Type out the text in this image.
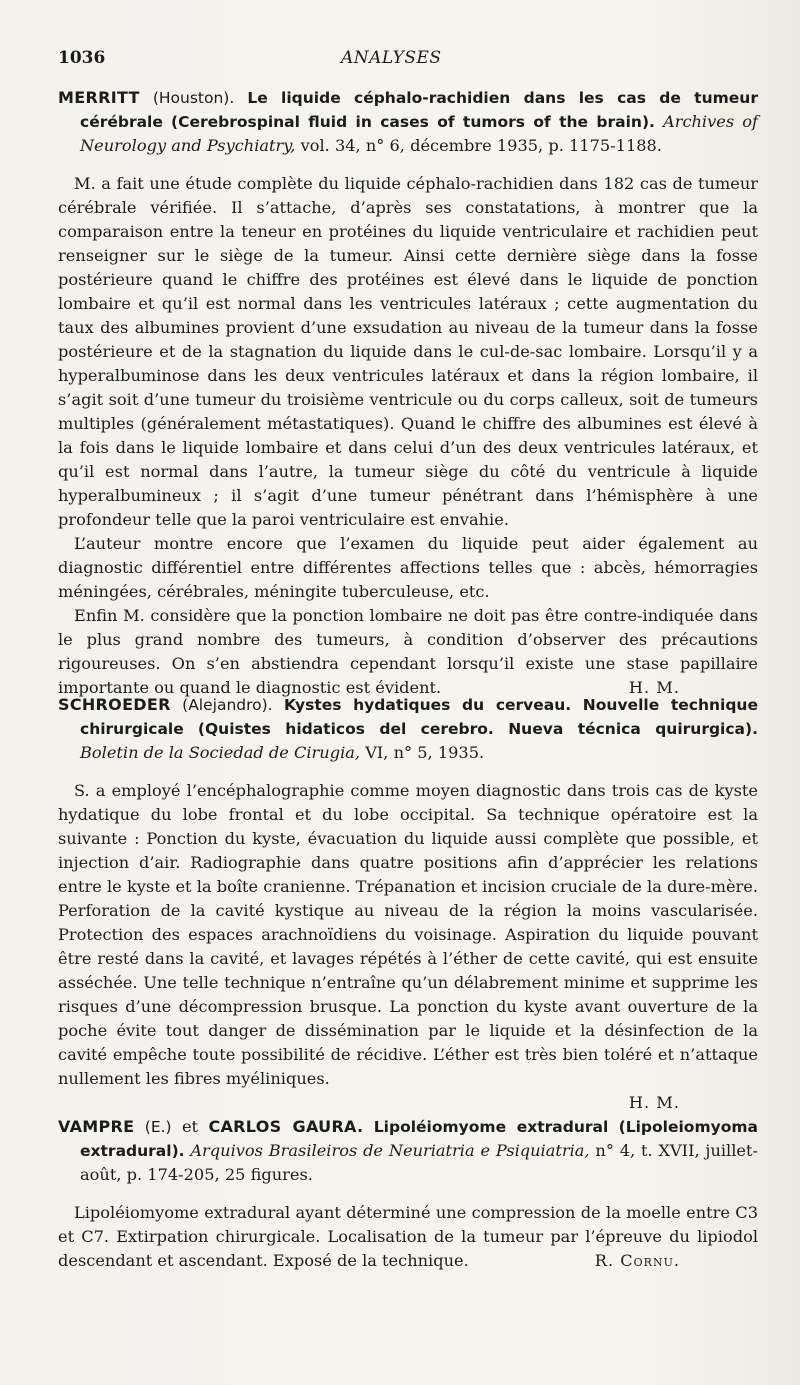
1036	ANALYSES
MERRITT (Houston). Le liquide céphalo-rachidien dans les cas de tumeur cérébrale (Cerebrospinal fluid in cases of tumors of the brain). Archives of Neurology and Psychiatry, vol. 34, n° 6, décembre 1935, p. 1175-1188.

M. a fait une étude complète du liquide céphalo-rachidien dans 182 cas de tumeur cérébrale vérifiée. Il s’attache, d’après ses constatations, à montrer que la comparaison entre la teneur en protéines du liquide ventriculaire et rachidien peut renseigner sur le siège de la tumeur. Ainsi cette dernière siège dans la fosse postérieure quand le chiffre des protéines est élevé dans le liquide de ponction lombaire et qu’il est normal dans les ventricules latéraux ; cette augmentation du taux des albumines provient d’une exsudation au niveau de la tumeur dans la fosse postérieure et de la stagnation du liquide dans le cul-de-sac lombaire. Lorsqu’il y a hyperalbuminose dans les deux ventricules latéraux et dans la région lombaire, il s’agit soit d’une tumeur du troisième ventricule ou du corps calleux, soit de tumeurs multiples (généralement métastatiques). Quand le chiffre des albumines est élevé à la fois dans le liquide lombaire et dans celui d’un des deux ventricules latéraux, et qu’il est normal dans l’autre, la tumeur siège du côté du ventricule à liquide hyperalbumineux ; il s’agit d’une tumeur pénétrant dans l’hémisphère à une profondeur telle que la paroi ventriculaire est envahie.

L’auteur montre encore que l’examen du liquide peut aider également au diagnostic différentiel entre différentes affections telles que : abcès, hémorragies méningées, cérébrales, méningite tuberculeuse, etc.

Enfin M. considère que la ponction lombaire ne doit pas être contre-indiquée dans le plus grand nombre des tumeurs, à condition d’observer des précautions rigoureuses. On s’en abstiendra cependant lorsqu’il existe une stase papillaire importante ou quand le diagnostic est évident.	H. M.

SCHROEDER (Alejandro). Kystes hydatiques du cerveau. Nouvelle technique chirurgicale (Quistes hidaticos del cerebro. Nueva técnica quirurgica). Boletin de la Sociedad de Cirugia, VI, n° 5, 1935.

S. a employé l’encéphalographie comme moyen diagnostic dans trois cas de kyste hydatique du lobe frontal et du lobe occipital. Sa technique opératoire est la suivante : Ponction du kyste, évacuation du liquide aussi complète que possible, et injection d’air. Radiographie dans quatre positions afin d’apprécier les relations entre le kyste et la boîte cranienne. Trépanation et incision cruciale de la dure-mère. Perforation de la cavité kystique au niveau de la région la moins vascularisée. Protection des espaces arachnoïdiens du voisinage. Aspiration du liquide pouvant être resté dans la cavité, et lavages répétés à l’éther de cette cavité, qui est ensuite asséchée. Une telle technique n’entraîne qu’un délabrement minime et supprime les risques d’une décompression brusque. La ponction du kyste avant ouverture de la poche évite tout danger de dissémination par le liquide et la désinfection de la cavité empêche toute possibilité de récidive. L’éther est très bien toléré et n’attaque nullement les fibres myéliniques.

H. M.
VAMPRE (E.) et CARLOS GAURA. Lipoléiomyome extradural (Lipoleiomyoma extradural). Arquivos Brasileiros de Neuriatria e Psiquiatria, n° 4, t. XVII, juillet-août, p. 174-205, 25 figures.

Lipoléiomyome extradural ayant déterminé une compression de la moelle entre C3 et C7. Extirpation chirurgicale. Localisation de la tumeur par l’épreuve du lipiodol descendant et ascendant. Exposé de la technique.	R. Cornu.
